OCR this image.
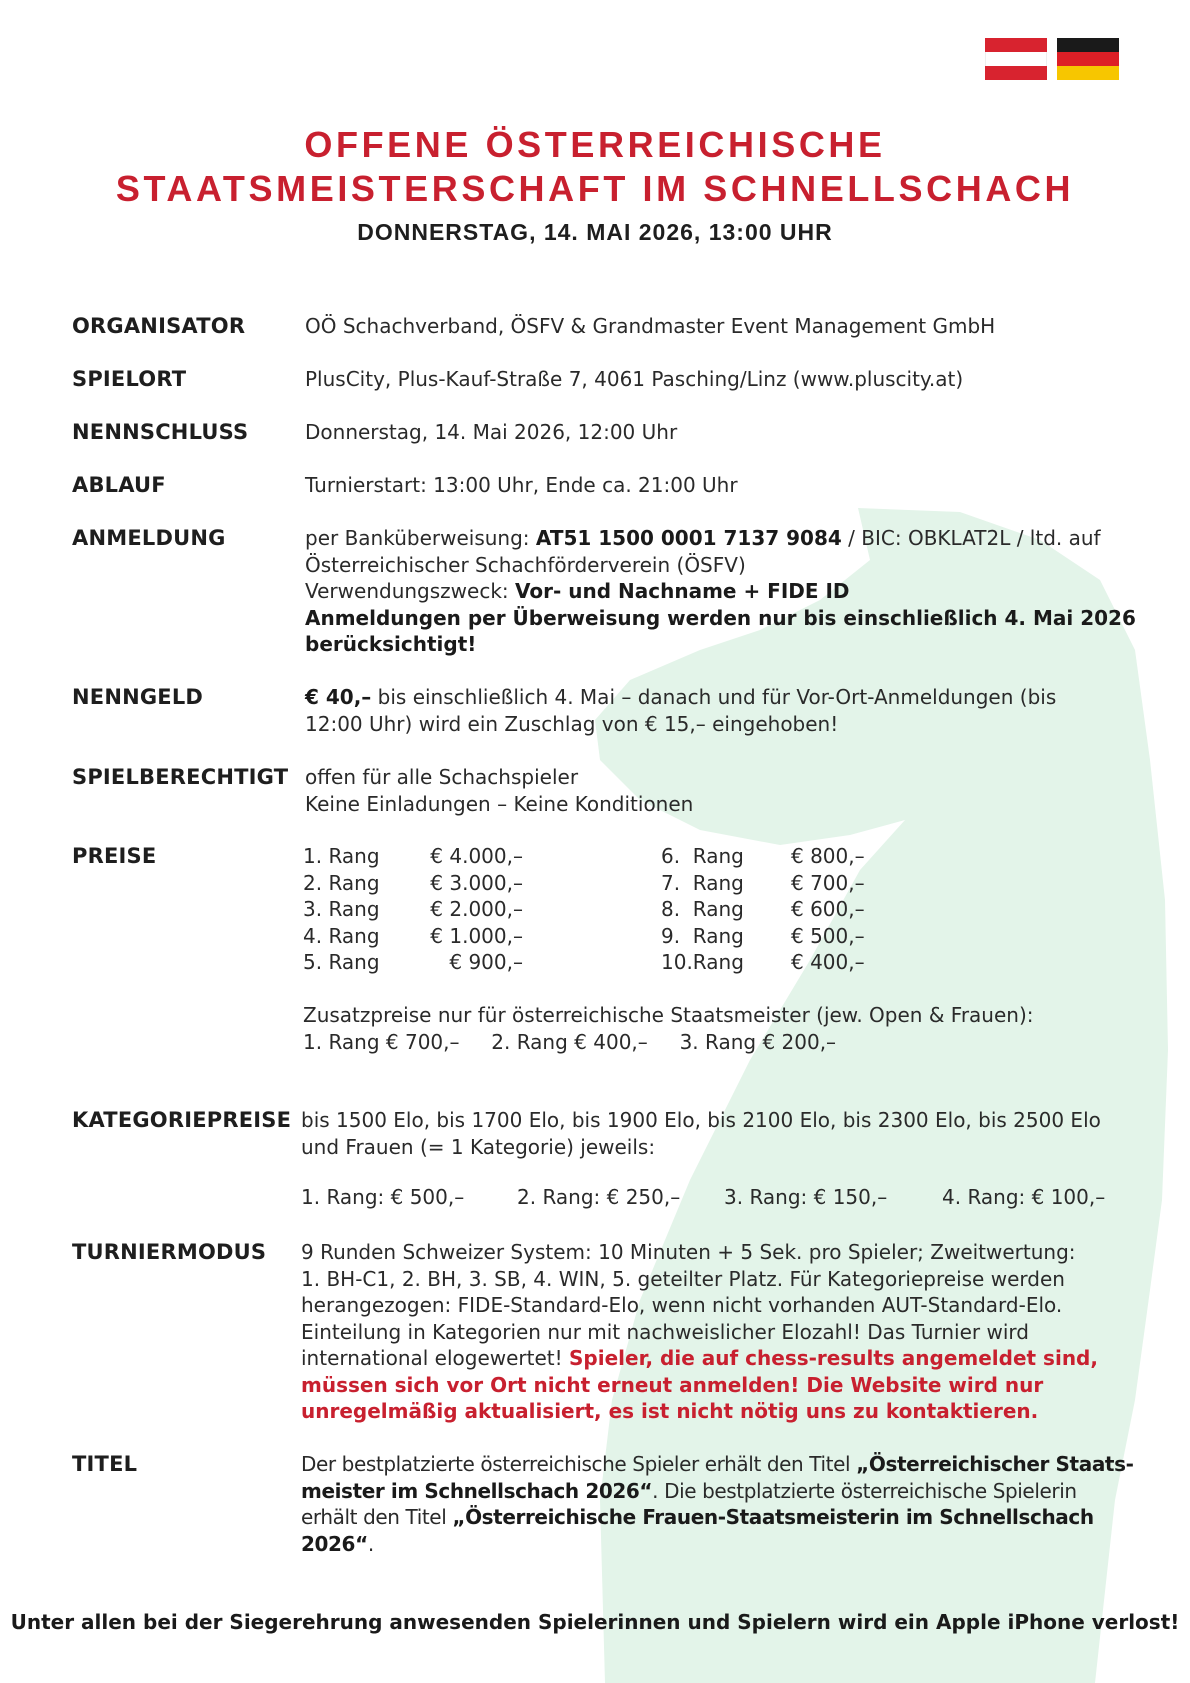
OFFENE ÖSTERREICHISCHE
STAATSMEISTERSCHAFT IM SCHNELLSCHACH
DONNERSTAG, 14. MAI 2026, 13:00 UHR
ORGANISATOR	OÖ Schachverband, ÖSFV & Grandmaster Event Management GmbH
SPIELORT	PlusCity, Plus-Kauf-Straße 7, 4061 Pasching/Linz (www.pluscity.at)
NENNSCHLUSS	Donnerstag, 14. Mai 2026, 12:00 Uhr
ABLAUF	Turnierstart: 13:00 Uhr, Ende ca. 21:00 Uhr
ANMELDUNG	per Banküberweisung: AT51 1500 0001 7137 9084 / BIC: OBKLAT2L / ltd. auf
Österreichischer Schachförderverein (ÖSFV)
Verwendungszweck: Vor- und Nachname + FIDE ID
Anmeldungen per Überweisung werden nur bis einschließlich 4. Mai 2026
berücksichtigt!
NENNGELD	€ 40,– bis einschließlich 4. Mai – danach und für Vor-Ort-Anmeldungen (bis
12:00 Uhr) wird ein Zuschlag von € 15,– eingehoben!
SPIELBERECHTIGT offen für alle Schachspieler
Keine Einladungen – Keine Konditionen
PREISE	1. Rang	€ 4.000,–
2. Rang	€ 3.000,–
3. Rang	€ 2.000,–
4. Rang	€ 1.000,–
5. Rang	€ 900,–
6.  Rang € 800,–
7.  Rang € 700,–
8.  Rang € 600,–
9.  Rang € 500,–
10.Rang € 400,–
Zusatzpreise nur für österreichische Staatsmeister (jew. Open & Frauen):
1. Rang € 700,–     2. Rang € 400,–     3. Rang € 200,–
KATEGORIEPREISE bis 1500 Elo, bis 1700 Elo, bis 1900 Elo, bis 2100 Elo, bis 2300 Elo, bis 2500 Elo
und Frauen (= 1 Kategorie) jeweils:
1. Rang: € 500,–	2. Rang: € 250,– 3. Rang: € 150,–	4. Rang: € 100,–
TURNIERMODUS 9 Runden Schweizer System: 10 Minuten + 5 Sek. pro Spieler; Zweitwertung:
1. BH-C1, 2. BH, 3. SB, 4. WIN, 5. geteilter Platz. Für Kategoriepreise werden
herangezogen: FIDE-Standard-Elo, wenn nicht vorhanden AUT-Standard-Elo.
Einteilung in Kategorien nur mit nachweislicher Elozahl! Das Turnier wird
international elogewertet! Spieler, die auf chess-results angemeldet sind,
müssen sich vor Ort nicht erneut anmelden! Die Website wird nur
unregelmäßig aktualisiert, es ist nicht nötig uns zu kontaktieren.
TITEL	Der bestplatzierte österreichische Spieler erhält den Titel „Österreichischer Staats-
meister im Schnellschach 2026“. Die bestplatzierte österreichische Spielerin
erhält den Titel „Österreichische Frauen-Staatsmeisterin im Schnellschach
2026“.
Unter allen bei der Siegerehrung anwesenden Spielerinnen und Spielern wird ein Apple iPhone verlost!
